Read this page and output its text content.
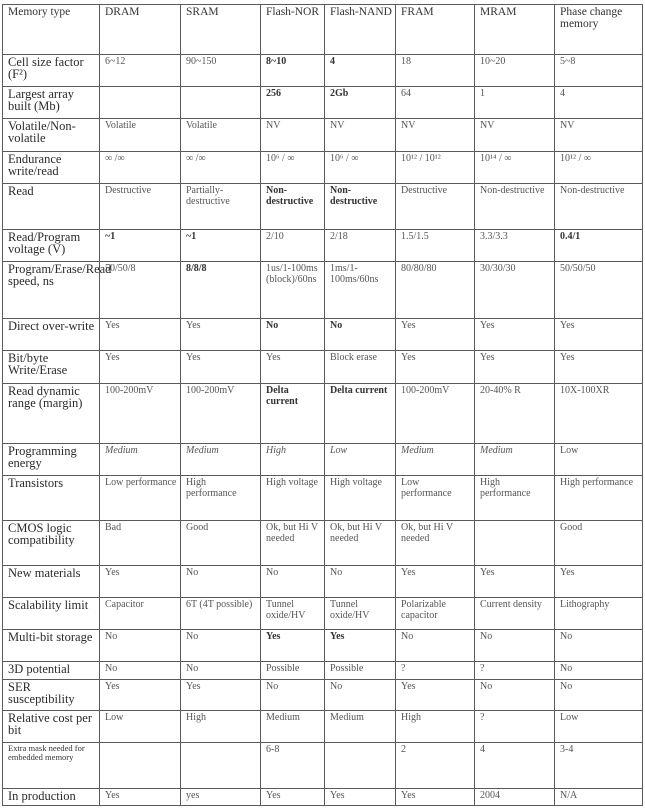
Memory type	DRAM	SRAM	Flash-NOR	Flash-NAND	FRAM	MRAM	Phase change memory
Cell size factor (F²)	6~12	90~150	8~10	4	18	10~20	5~8
Largest array built (Mb)			256	2Gb	64	1	4
Volatile/Non-volatile	Volatile	Volatile	NV	NV	NV	NV	NV
Endurance write/read	∞ /∞	∞ /∞	10⁶ / ∞	10⁶ / ∞	10¹² / 10¹²	10¹⁴ / ∞	10¹² / ∞
Read	Destructive	Partially-destructive	Non-destructive	Non-destructive	Destructive	Non-destructive	Non-destructive
Read/Program voltage (V)	~1	~1	2/10	2/18	1.5/1.5	3.3/3.3	0.4/1
Program/Erase/Read speed, ns	50/50/8	8/8/8	1us/1-100ms (block)/60ns	1ms/1-100ms/60ns	80/80/80	30/30/30	50/50/50
Direct over-write	Yes	Yes	No	No	Yes	Yes	Yes
Bit/byte Write/Erase	Yes	Yes	Yes	Block erase	Yes	Yes	Yes
Read dynamic range (margin)	100-200mV	100-200mV	Delta current	Delta current	100-200mV	20-40% R	10X-100XR
Programming energy	Medium	Medium	High	Low	Medium	Medium	Low
Transistors	Low performance	High performance	High voltage	High voltage	Low performance	High performance	High performance
CMOS logic compatibility	Bad	Good	Ok, but Hi V needed	Ok, but Hi V needed	Ok, but Hi V needed		Good
New materials	Yes	No	No	No	Yes	Yes	Yes
Scalability limit	Capacitor	6T (4T possible)	Tunnel oxide/HV	Tunnel oxide/HV	Polarizable capacitor	Current density	Lithography
Multi-bit storage	No	No	Yes	Yes	No	No	No
3D potential	No	No	Possible	Possible	?	?	No
SER susceptibility	Yes	Yes	No	No	Yes	No	No
Relative cost per bit	Low	High	Medium	Medium	High	?	Low
Extra mask needed for embedded memory			6-8		2	4	3-4
In production	Yes	yes	Yes	Yes	Yes	2004	N/A
